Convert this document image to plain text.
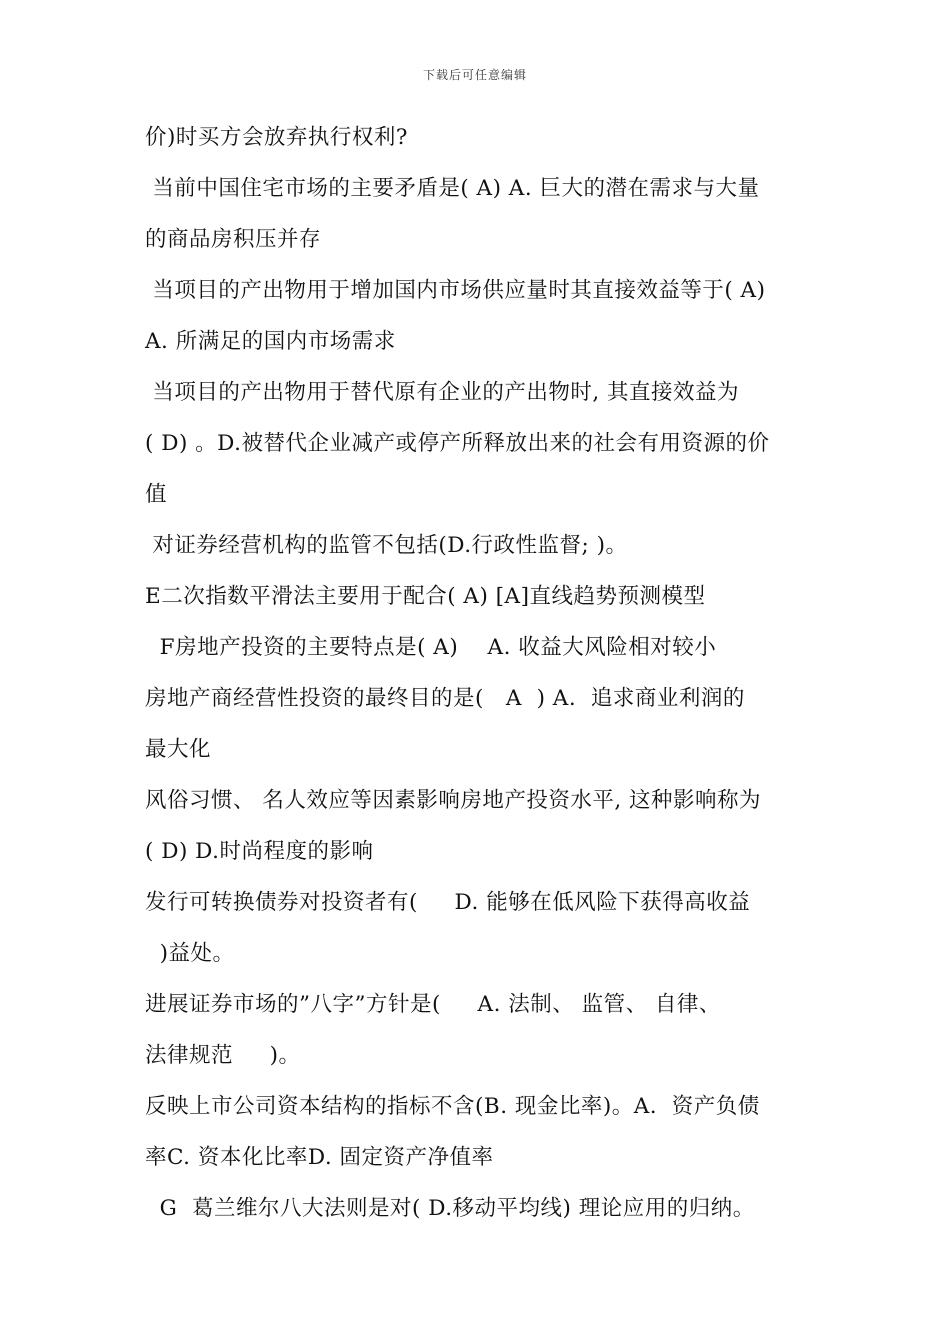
下载后可任意编辑
价)时买方会放弃执行权利?
当前中国住宅市场的主要矛盾是( A) A. 巨大的潜在需求与大量
的商品房积压并存
当项目的产出物用于增加国内市场供应量时其直接效益等于( A)
A. 所满足的国内市场需求
当项目的产出物用于替代原有企业的产出物时, 其直接效益为
( D) 。D.被替代企业减产或停产所释放出来的社会有用资源的价
值
对证券经营机构的监管不包括(D.行政性监督; )。
E二次指数平滑法主要用于配合( A) [A]直线趋势预测模型
F房地产投资的主要特点是( A)    A. 收益大风险相对较小
房地产商经营性投资的最终目的是(   A  ) A.  追求商业利润的
最大化
风俗习惯、 名人效应等因素影响房地产投资水平, 这种影响称为
( D) D.时尚程度的影响
发行可转换债券对投资者有(     D. 能够在低风险下获得高收益
)益处。
进展证券市场的”八字”方针是(     A. 法制、 监管、 自律、
法律规范     )。
反映上市公司资本结构的指标不含(B. 现金比率)。A.  资产负债
率C. 资本化比率D. 固定资产净值率
G  葛兰维尔八大法则是对( D.移动平均线) 理论应用的归纳。
